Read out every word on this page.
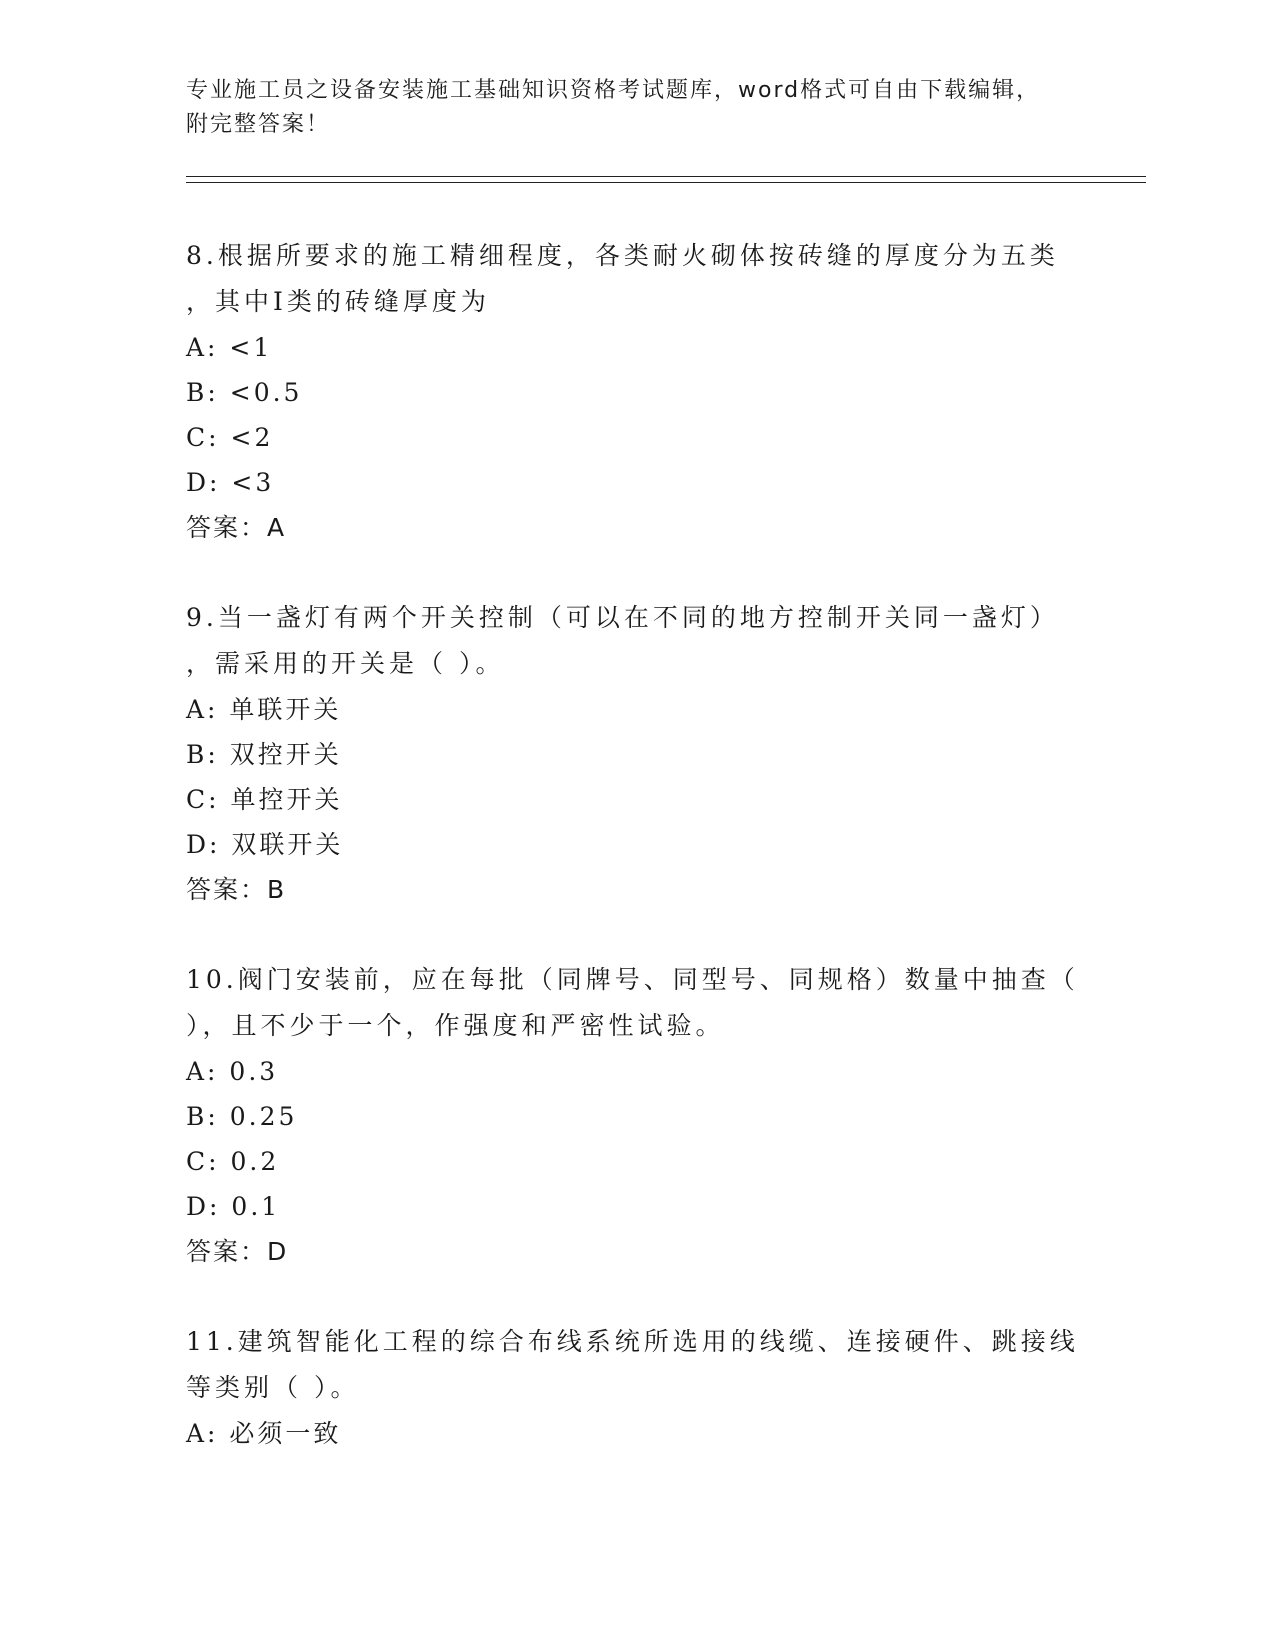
专业施工员之设备安装施工基础知识资格考试题库，word格式可自由下载编辑，
附完整答案！

8.根据所要求的施工精细程度，各类耐火砌体按砖缝的厚度分为五类

，其中Ⅰ类的砖缝厚度为

A: <1

B: <0.5

C: <2

D: <3

答案：A

9.当一盏灯有两个开关控制（可以在不同的地方控制开关同一盏灯）

，需采用的开关是（ ）。

A: 单联开关

B: 双控开关

C: 单控开关

D: 双联开关

答案：B

10.阀门安装前，应在每批（同牌号、同型号、同规格）数量中抽查（

），且不少于一个，作强度和严密性试验。

A: 0.3

B: 0.25

C: 0.2

D: 0.1

答案：D

11.建筑智能化工程的综合布线系统所选用的线缆、连接硬件、跳接线

等类别（ ）。

A: 必须一致
